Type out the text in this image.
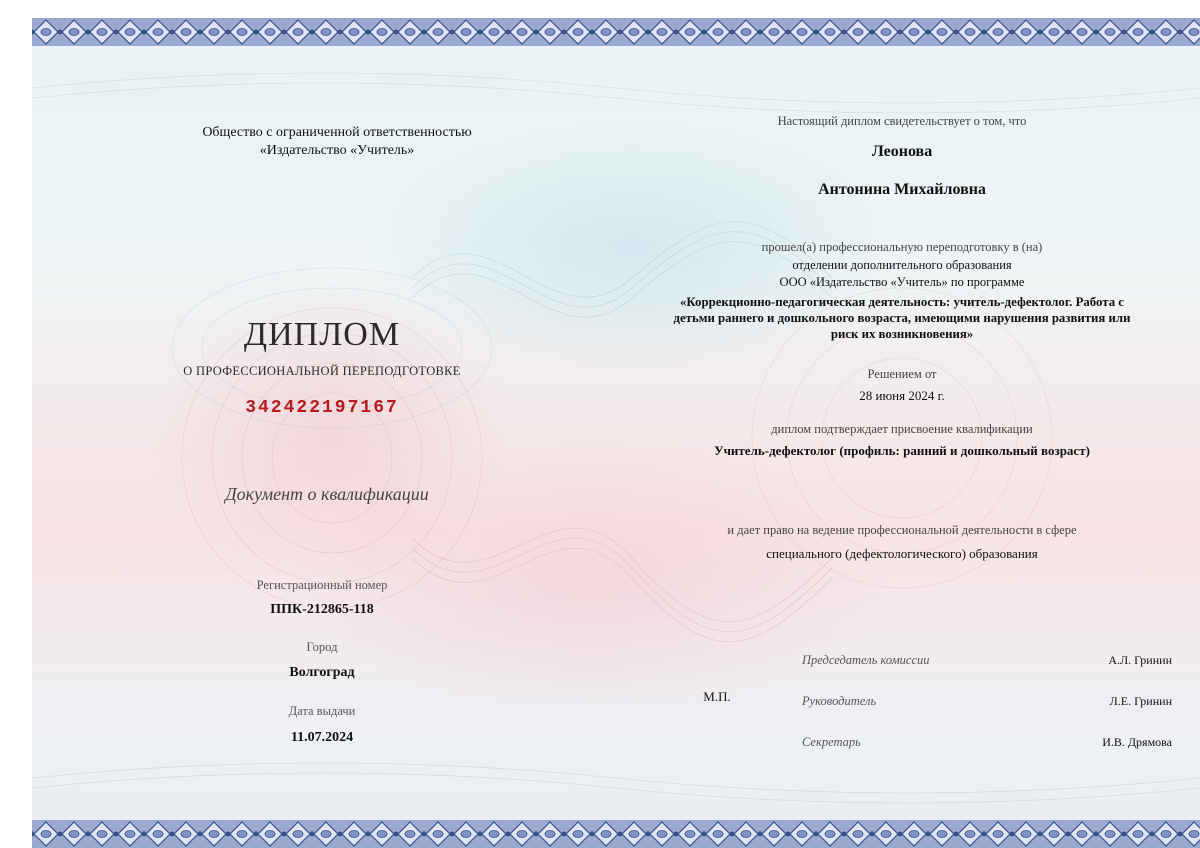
Общество с ограниченной ответственностью
«Издательство «Учитель»
ДИПЛОМ
О ПРОФЕССИОНАЛЬНОЙ ПЕРЕПОДГОТОВКЕ
342422197167
Документ о квалификации
Регистрационный номер
ППК-212865-118
Город
Волгоград
Дата выдачи
11.07.2024
Настоящий диплом свидетельствует о том, что
Леонова
Антонина Михайловна
прошел(а) профессиональную переподготовку в (на)
отделении дополнительного образования
ООО «Издательство «Учитель» по программе
«Коррекционно-педагогическая деятельность: учитель-дефектолог. Работа с детьми раннего и дошкольного возраста, имеющими нарушения развития или риск их возникновения»
Решением от
28 июня 2024 г.
диплом подтверждает присвоение квалификации
Учитель-дефектолог (профиль: ранний и дошкольный возраст)
и дает право на ведение профессиональной деятельности в сфере
специального (дефектологического) образования
М.П.
Председатель комиссии	А.Л. Гринин
Руководитель	Л.Е. Гринин
Секретарь	И.В. Дрямова
